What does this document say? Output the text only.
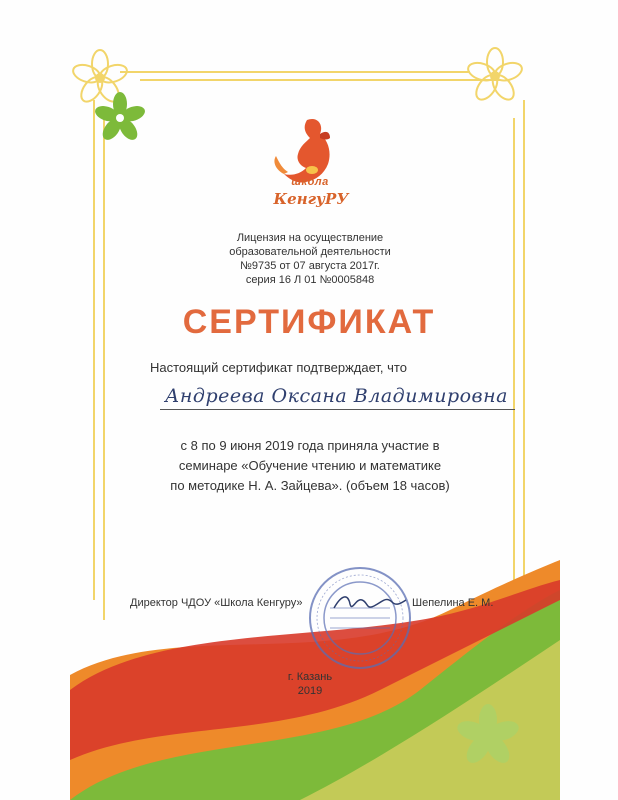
школа
КенгуРУ
Лицензия на осуществление
образовательной деятельности
№9735 от 07 августа 2017г.
серия 16 Л 01 №0005848
СЕРТИФИКАТ
Настоящий сертификат подтверждает, что
Андреева Оксана Владимировна
с 8 по 9 июня 2019 года приняла участие в
семинаре «Обучение чтению и математике
по методике Н. А. Зайцева». (объем 18 часов)
Директор ЧДОУ «Школа Кенгуру»	Шепелина Е. М.
г. Казань
2019
